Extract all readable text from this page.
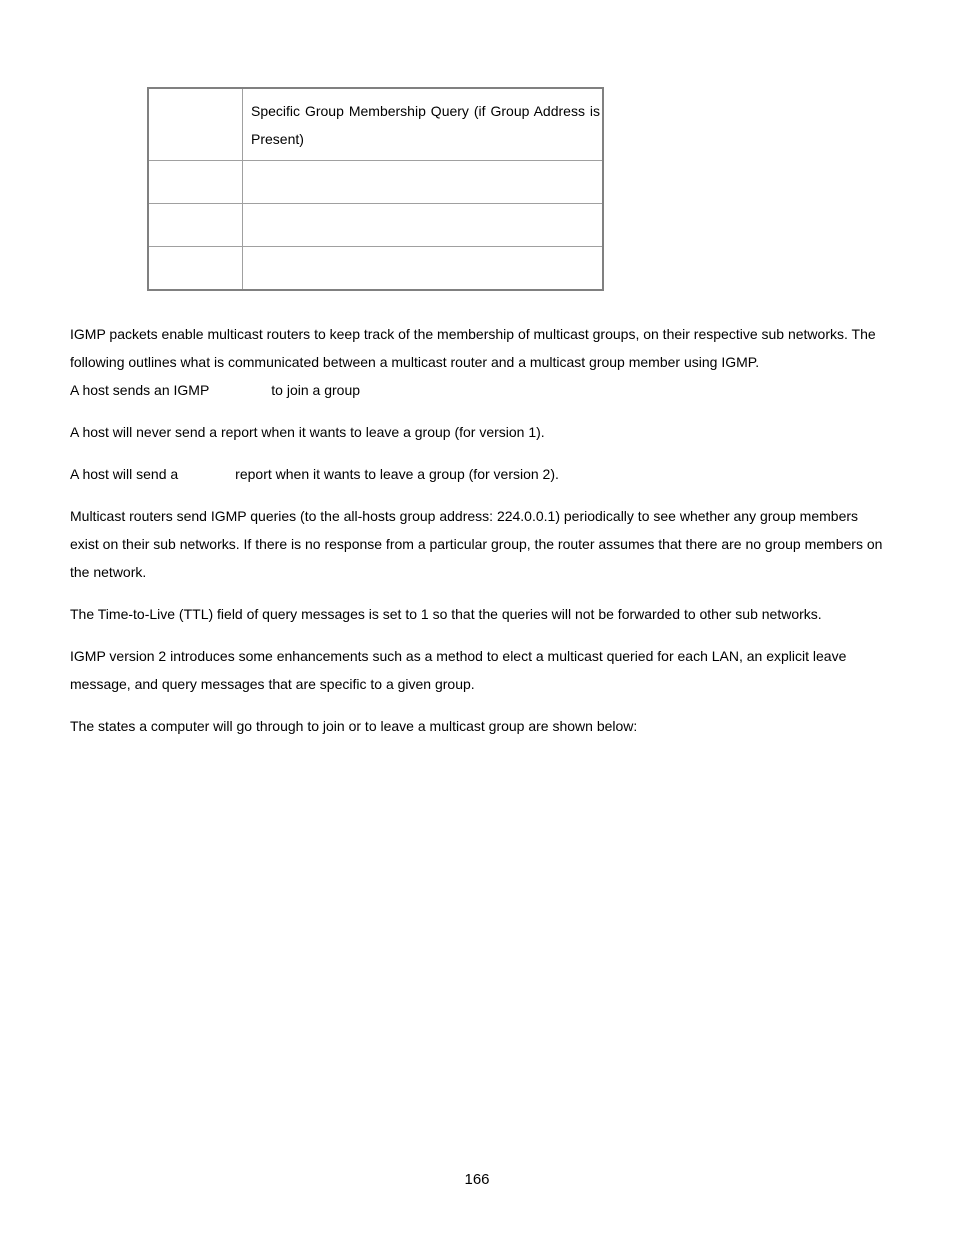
	Specific Group Membership Query (if Group Address is Present)

IGMP packets enable multicast routers to keep track of the membership of multicast groups, on their respective sub networks. The following outlines what is communicated between a multicast router and a multicast group member using IGMP.

A host sends an IGMP	to join a group

A host will never send a report when it wants to leave a group (for version 1).

A host will send a	report when it wants to leave a group (for version 2).

Multicast routers send IGMP queries (to the all-hosts group address: 224.0.0.1) periodically to see whether any group members exist on their sub networks. If there is no response from a particular group, the router assumes that there are no group members on the network.

The Time-to-Live (TTL) field of query messages is set to 1 so that the queries will not be forwarded to other sub networks.

IGMP version 2 introduces some enhancements such as a method to elect a multicast queried for each LAN, an explicit leave message, and query messages that are specific to a given group.

The states a computer will go through to join or to leave a multicast group are shown below:

166
